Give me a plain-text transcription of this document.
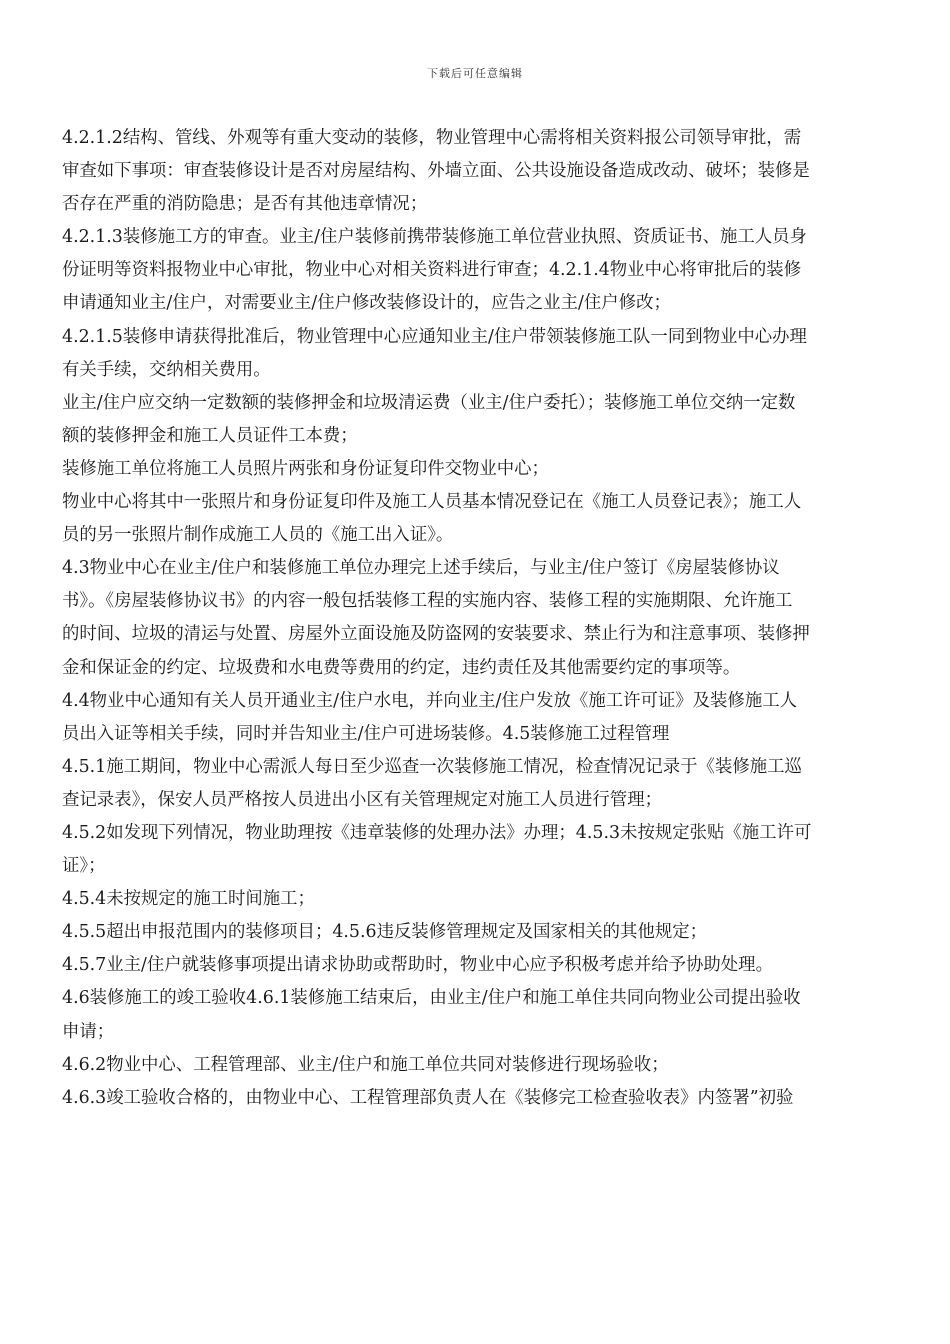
下载后可任意编辑
4.2.1.2结构、管线、外观等有重大变动的装修，物业管理中心需将相关资料报公司领导审批，需
审查如下事项：审查装修设计是否对房屋结构、外墙立面、公共设施设备造成改动、破坏；装修是
否存在严重的消防隐患；是否有其他违章情况；
4.2.1.3装修施工方的审查。业主/住户装修前携带装修施工单位营业执照、资质证书、施工人员身
份证明等资料报物业中心审批，物业中心对相关资料进行审查；4.2.1.4物业中心将审批后的装修
申请通知业主/住户，对需要业主/住户修改装修设计的，应告之业主/住户修改；
4.2.1.5装修申请获得批准后，物业管理中心应通知业主/住户带领装修施工队一同到物业中心办理
有关手续，交纳相关费用。
业主/住户应交纳一定数额的装修押金和垃圾清运费（业主/住户委托）；装修施工单位交纳一定数
额的装修押金和施工人员证件工本费；
装修施工单位将施工人员照片两张和身份证复印件交物业中心；
物业中心将其中一张照片和身份证复印件及施工人员基本情况登记在《施工人员登记表》；施工人
员的另一张照片制作成施工人员的《施工出入证》。
4.3物业中心在业主/住户和装修施工单位办理完上述手续后，与业主/住户签订《房屋装修协议
书》。《房屋装修协议书》的内容一般包括装修工程的实施内容、装修工程的实施期限、允许施工
的时间、垃圾的清运与处置、房屋外立面设施及防盗网的安装要求、禁止行为和注意事项、装修押
金和保证金的约定、垃圾费和水电费等费用的约定，违约责任及其他需要约定的事项等。
4.4物业中心通知有关人员开通业主/住户水电，并向业主/住户发放《施工许可证》及装修施工人
员出入证等相关手续，同时并告知业主/住户可进场装修。4.5装修施工过程管理
4.5.1施工期间，物业中心需派人每日至少巡查一次装修施工情况，检查情况记录于《装修施工巡
查记录表》，保安人员严格按人员进出小区有关管理规定对施工人员进行管理；
4.5.2如发现下列情况，物业助理按《违章装修的处理办法》办理；4.5.3未按规定张贴《施工许可
证》；
4.5.4未按规定的施工时间施工；
4.5.5超出申报范围内的装修项目；4.5.6违反装修管理规定及国家相关的其他规定；
4.5.7业主/住户就装修事项提出请求协助或帮助时，物业中心应予积极考虑并给予协助处理。
4.6装修施工的竣工验收4.6.1装修施工结束后，由业主/住户和施工单住共同向物业公司提出验收
申请；
4.6.2物业中心、工程管理部、业主/住户和施工单位共同对装修进行现场验收；
4.6.3竣工验收合格的，由物业中心、工程管理部负责人在《装修完工检查验收表》内签署”初验
